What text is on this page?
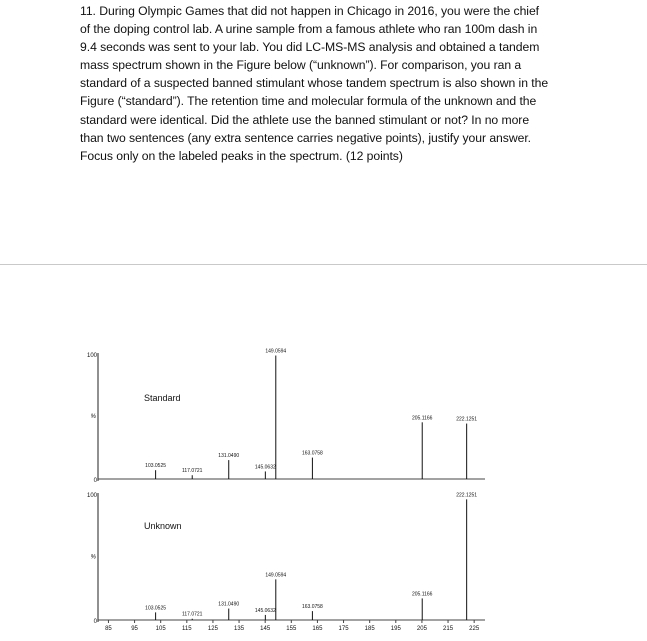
11. During Olympic Games that did not happen in Chicago in 2016, you were the chief of the doping control lab. A urine sample from a famous athlete who ran 100m dash in 9.4 seconds was sent to your lab. You did LC-MS-MS analysis and obtained a tandem mass spectrum shown in the Figure below (“unknown”). For comparison, you ran a standard of a suspected banned stimulant whose tandem spectrum is also shown in the Figure (“standard”). The retention time and molecular formula of the unknown and the standard were identical. Did the athlete use the banned stimulant or not? In no more than two sentences (any extra sentence carries negative points), justify your answer. Focus only on the labeled peaks in the spectrum. (12 points)
100
0
%
Standard
103.0525
117.0721
131.0490
145.0632
149.0594
163.0758
205.1166	222.1251
100
0
%
Unknown
103.0525
117.0721
131.0490
145.0632
149.0594
163.0758
205.1166
222.1251
85	95	105	115	125	135	145	155	165	175	185	195	205	215	225
